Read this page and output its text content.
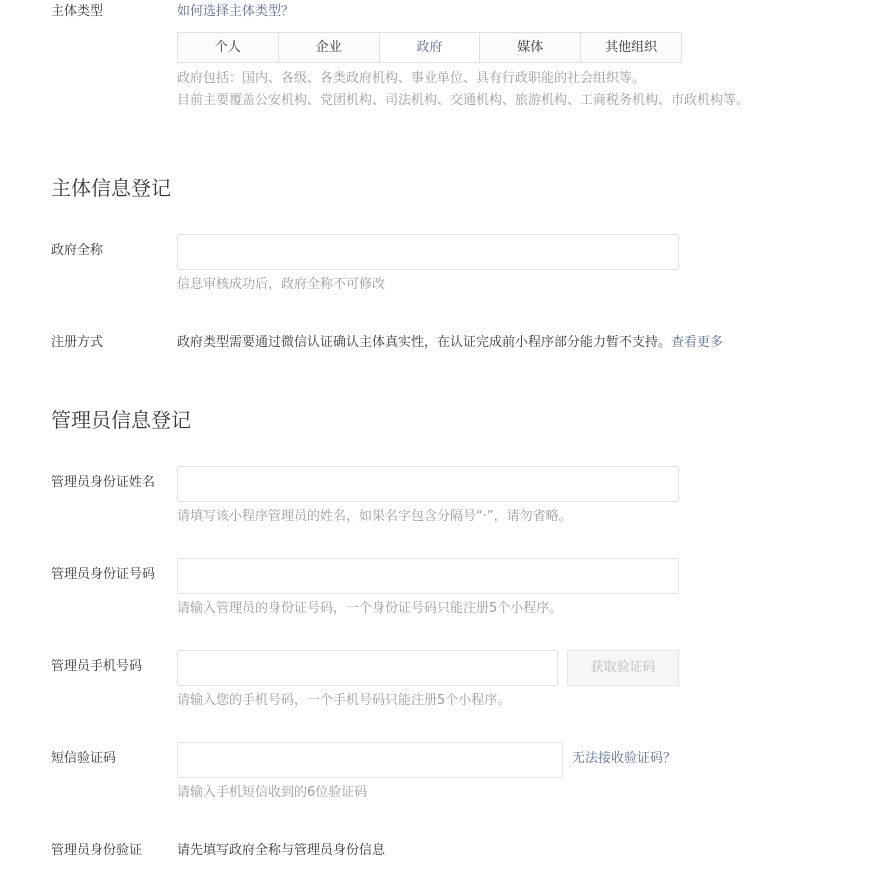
主体类型	如何选择主体类型？
个人	企业	政府	媒体	其他组织
政府包括：国内、各级、各类政府机构、事业单位、具有行政职能的社会组织等。
目前主要覆盖公安机构、党团机构、司法机构、交通机构、旅游机构、工商税务机构、市政机构等。
主体信息登记
政府全称
信息审核成功后，政府全称不可修改
注册方式	政府类型需要通过微信认证确认主体真实性，在认证完成前小程序部分能力暂不支持。查看更多
管理员信息登记
管理员身份证姓名
请填写该小程序管理员的姓名，如果名字包含分隔号“·”，请勿省略。
管理员身份证号码
请输入管理员的身份证号码，一个身份证号码只能注册5个小程序。
管理员手机号码	获取验证码
请输入您的手机号码，一个手机号码只能注册5个小程序。
短信验证码	无法接收验证码？
请输入手机短信收到的6位验证码
管理员身份验证	请先填写政府全称与管理员身份信息
